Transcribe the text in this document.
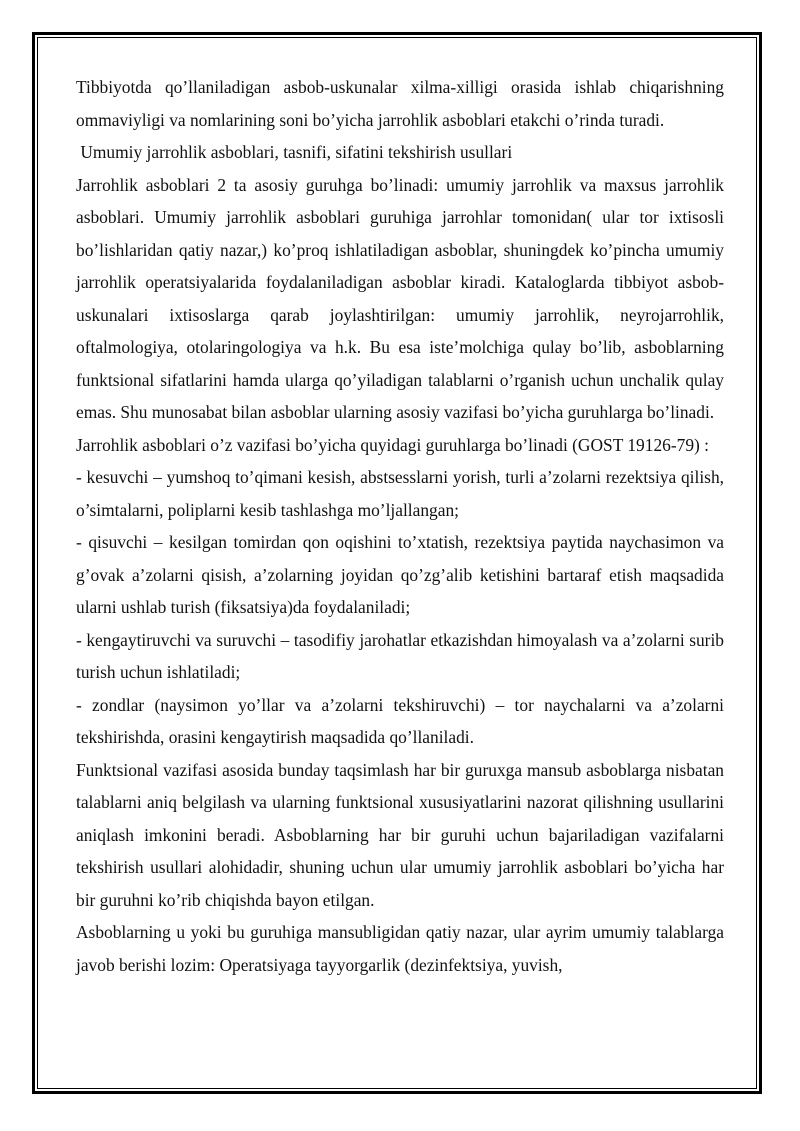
Tibbiyotda qo’llaniladigan asbob-uskunalar xilma-xilligi orasida ishlab chiqarishning ommaviyligi va nomlarining soni bo’yicha jarrohlik asboblari etakchi o’rinda turadi.

Umumiy jarrohlik asboblari, tasnifi, sifatini tekshirish usullari

Jarrohlik asboblari 2 ta asosiy guruhga bo’linadi: umumiy jarrohlik va maxsus jarrohlik asboblari. Umumiy jarrohlik asboblari guruhiga jarrohlar tomonidan( ular tor ixtisosli bo’lishlaridan qatiy nazar,) ko’proq ishlatiladigan asboblar, shuningdek ko’pincha umumiy jarrohlik operatsiyalarida foydalaniladigan asboblar kiradi. Kataloglarda tibbiyot asbob-uskunalari ixtisoslarga qarab joylashtirilgan: umumiy jarrohlik, neyrojarrohlik, oftalmologiya, otolaringologiya va h.k. Bu esa iste’molchiga qulay bo’lib, asboblarning funktsional sifatlarini hamda ularga qo’yiladigan talablarni o’rganish uchun unchalik qulay emas. Shu munosabat bilan asboblar ularning asosiy vazifasi bo’yicha guruhlarga bo’linadi.

Jarrohlik asboblari o’z vazifasi bo’yicha quyidagi guruhlarga bo’linadi (GOST 19126-79) :

- kesuvchi – yumshoq to’qimani kesish, abstsesslarni yorish, turli a’zolarni rezektsiya qilish, o’simtalarni, poliplarni kesib tashlashga mo’ljallangan;

- qisuvchi – kesilgan tomirdan qon oqishini to’xtatish, rezektsiya paytida naychasimon va g’ovak a’zolarni qisish, a’zolarning joyidan qo’zg’alib ketishini bartaraf etish maqsadida ularni ushlab turish (fiksatsiya)da foydalaniladi;

- kengaytiruvchi va suruvchi – tasodifiy jarohatlar etkazishdan himoyalash va a’zolarni surib turish uchun ishlatiladi;

- zondlar (naysimon yo’llar va a’zolarni tekshiruvchi) – tor naychalarni va a’zolarni tekshirishda, orasini kengaytirish maqsadida qo’llaniladi.

Funktsional vazifasi asosida bunday taqsimlash har bir guruxga mansub asboblarga nisbatan talablarni aniq belgilash va ularning funktsional xususiyatlarini nazorat qilishning usullarini aniqlash imkonini beradi. Asboblarning har bir guruhi uchun bajariladigan vazifalarni tekshirish usullari alohidadir, shuning uchun ular umumiy jarrohlik asboblari bo’yicha har bir guruhni ko’rib chiqishda bayon etilgan.

Asboblarning u yoki bu guruhiga mansubligidan qatiy nazar, ular ayrim umumiy talablarga javob berishi lozim: Operatsiyaga tayyorgarlik (dezinfektsiya, yuvish,
